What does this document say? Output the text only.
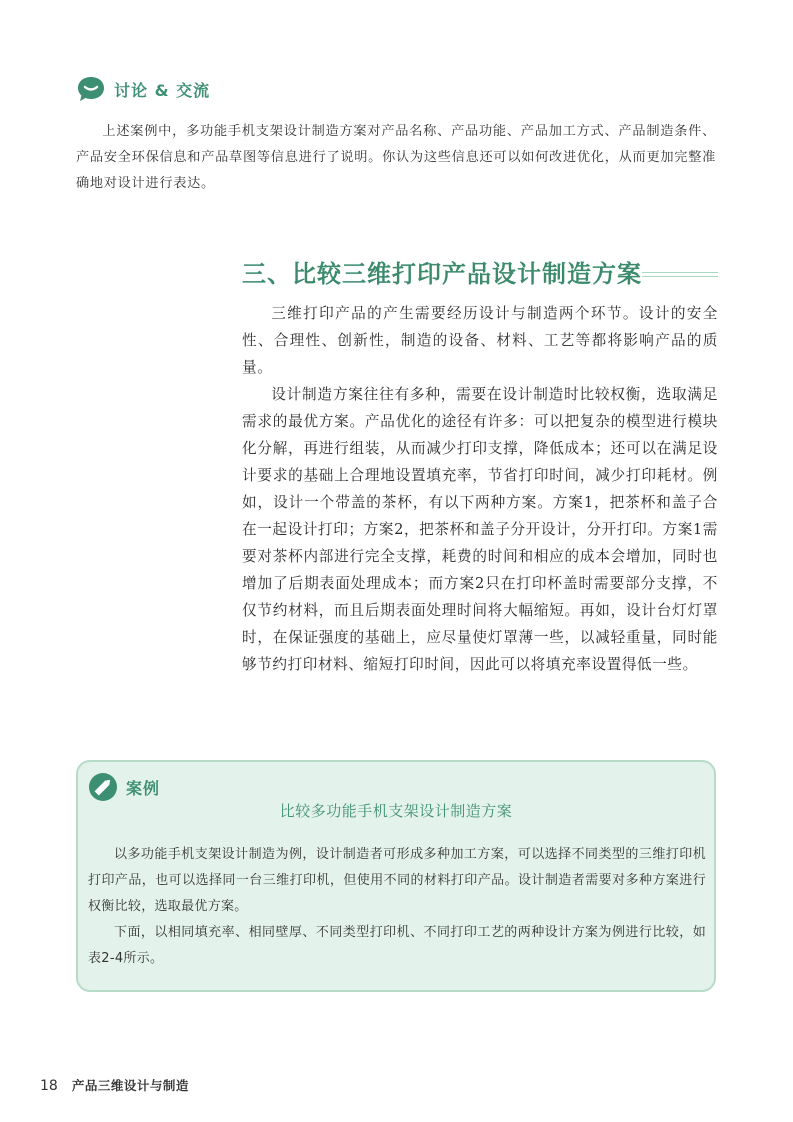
讨论 & 交流

上述案例中，多功能手机支架设计制造方案对产品名称、产品功能、产品加工方式、产品制造条件、产品安全环保信息和产品草图等信息进行了说明。你认为这些信息还可以如何改进优化，从而更加完整准确地对设计进行表达。

三、比较三维打印产品设计制造方案

三维打印产品的产生需要经历设计与制造两个环节。设计的安全性、合理性、创新性，制造的设备、材料、工艺等都将影响产品的质量。

设计制造方案往往有多种，需要在设计制造时比较权衡，选取满足需求的最优方案。产品优化的途径有许多：可以把复杂的模型进行模块化分解，再进行组装，从而减少打印支撑，降低成本；还可以在满足设计要求的基础上合理地设置填充率，节省打印时间，减少打印耗材。例如，设计一个带盖的茶杯，有以下两种方案。方案1，把茶杯和盖子合在一起设计打印；方案2，把茶杯和盖子分开设计，分开打印。方案1需要对茶杯内部进行完全支撑，耗费的时间和相应的成本会增加，同时也增加了后期表面处理成本；而方案2只在打印杯盖时需要部分支撑，不仅节约材料，而且后期表面处理时间将大幅缩短。再如，设计台灯灯罩时，在保证强度的基础上，应尽量使灯罩薄一些，以减轻重量，同时能够节约打印材料、缩短打印时间，因此可以将填充率设置得低一些。

案例
比较多功能手机支架设计制造方案

以多功能手机支架设计制造为例，设计制造者可形成多种加工方案，可以选择不同类型的三维打印机打印产品，也可以选择同一台三维打印机，但使用不同的材料打印产品。设计制造者需要对多种方案进行权衡比较，选取最优方案。

下面，以相同填充率、相同壁厚、不同类型打印机、不同打印工艺的两种设计方案为例进行比较，如表2-4所示。

18 产品三维设计与制造
